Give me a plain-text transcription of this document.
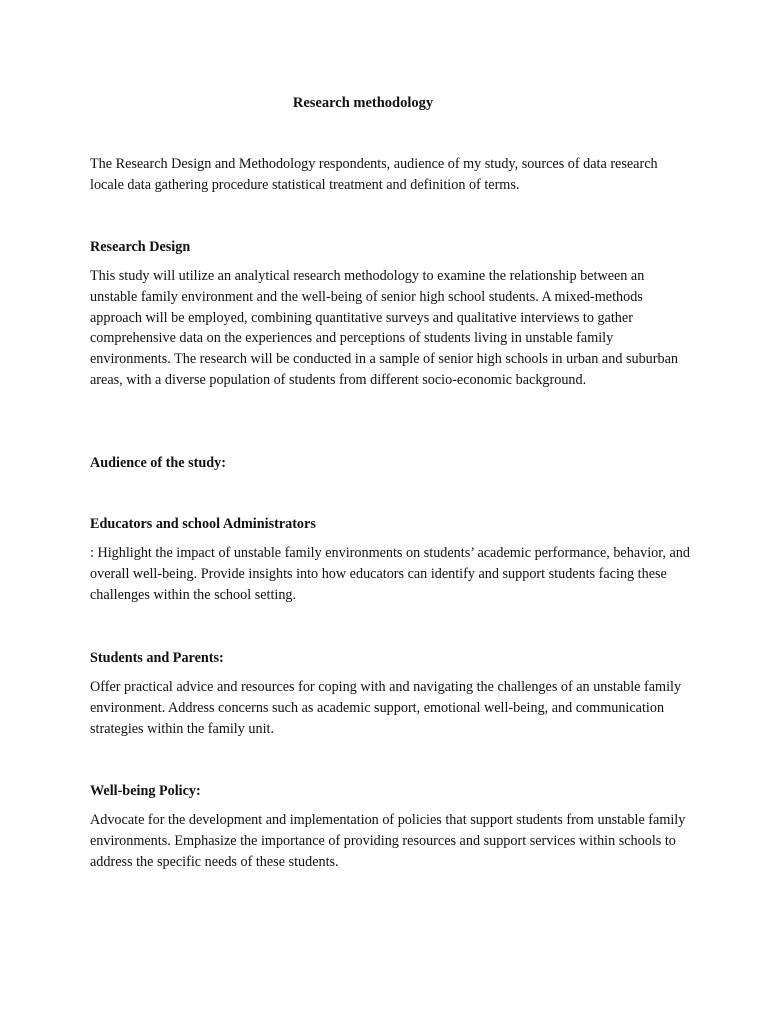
Research methodology

The Research Design and Methodology respondents, audience of my study, sources of data research locale data gathering procedure statistical treatment and definition of terms.

Research Design

This study will utilize an analytical research methodology to examine the relationship between an unstable family environment and the well-being of senior high school students. A mixed-methods approach will be employed, combining quantitative surveys and qualitative interviews to gather comprehensive data on the experiences and perceptions of students living in unstable family environments. The research will be conducted in a sample of senior high schools in urban and suburban areas, with a diverse population of students from different socio-economic background.

Audience of the study:
Educators and school Administrators

: Highlight the impact of unstable family environments on students’ academic performance, behavior, and overall well-being. Provide insights into how educators can identify and support students facing these challenges within the school setting.

Students and Parents:

Offer practical advice and resources for coping with and navigating the challenges of an unstable family environment. Address concerns such as academic support, emotional well-being, and communication strategies within the family unit.

Well-being Policy:

Advocate for the development and implementation of policies that support students from unstable family environments. Emphasize the importance of providing resources and support services within schools to address the specific needs of these students.
